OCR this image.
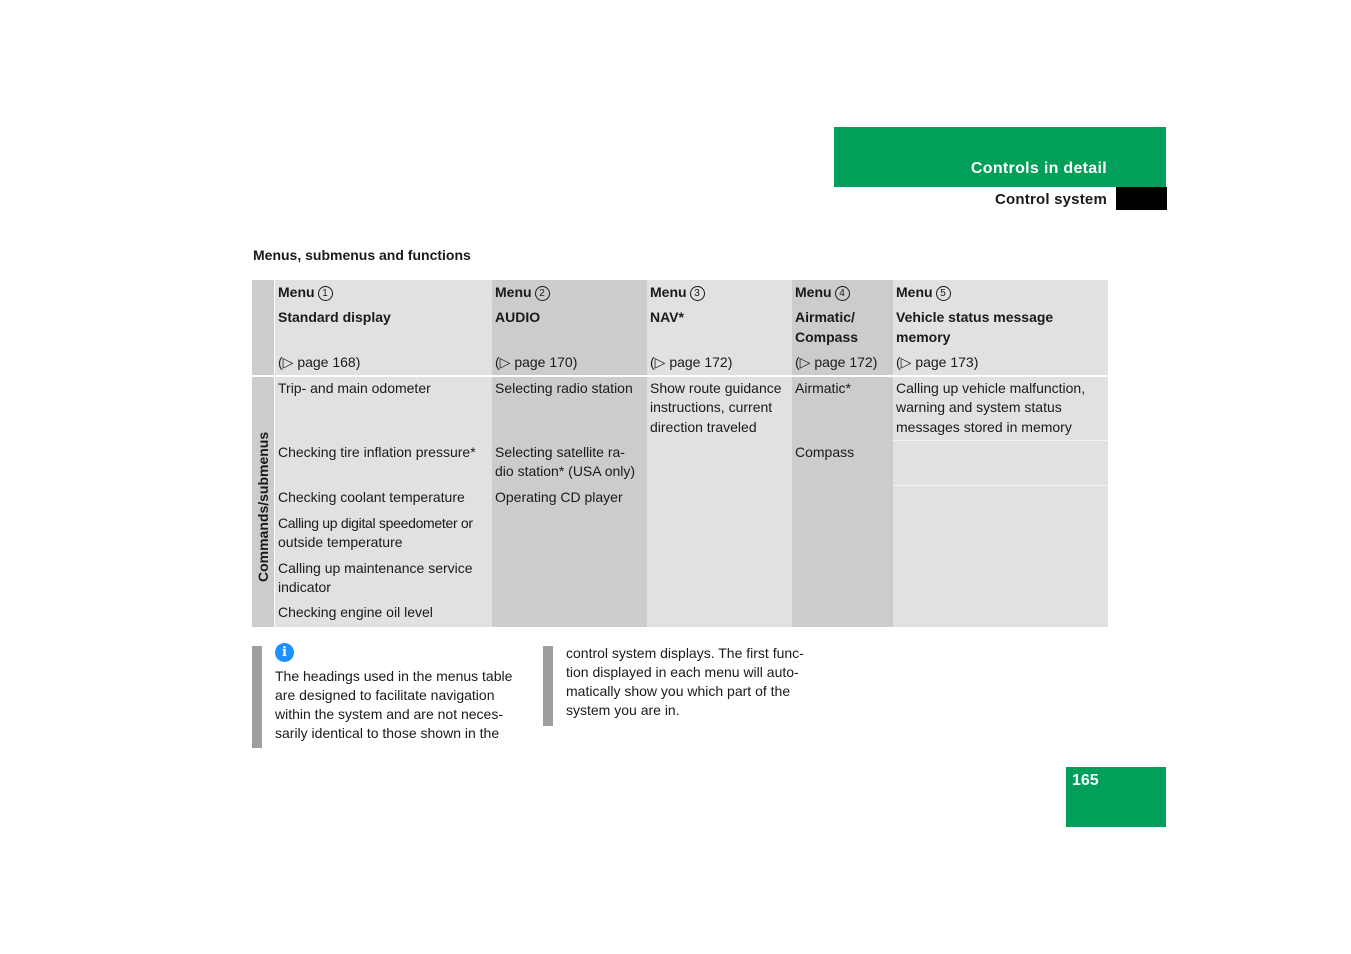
Controls in detail
Control system
Menus, submenus and functions
Commands/submenus
Menu 1
Standard display
(▷ page 168)
Trip- and main odometer
Checking tire inflation pressure*
Checking coolant temperature
Calling up digital speedometer or
outside temperature
Calling up maintenance service
indicator
Checking engine oil level
Menu 2
AUDIO
(▷ page 170)
Selecting radio station
Selecting satellite ra-
dio station* (USA only)
Operating CD player
Menu 3
NAV*
(▷ page 172)
Show route guidance
instructions, current
direction traveled
Menu 4
Airmatic/
Compass
(▷ page 172)
Airmatic*
Compass
Menu 5
Vehicle status message
memory
(▷ page 173)
Calling up vehicle malfunction,
warning and system status
messages stored in memory
i
The headings used in the menus table
are designed to facilitate navigation
within the system and are not neces-
sarily identical to those shown in the
control system displays. The first func-
tion displayed in each menu will auto-
matically show you which part of the
system you are in.
165
